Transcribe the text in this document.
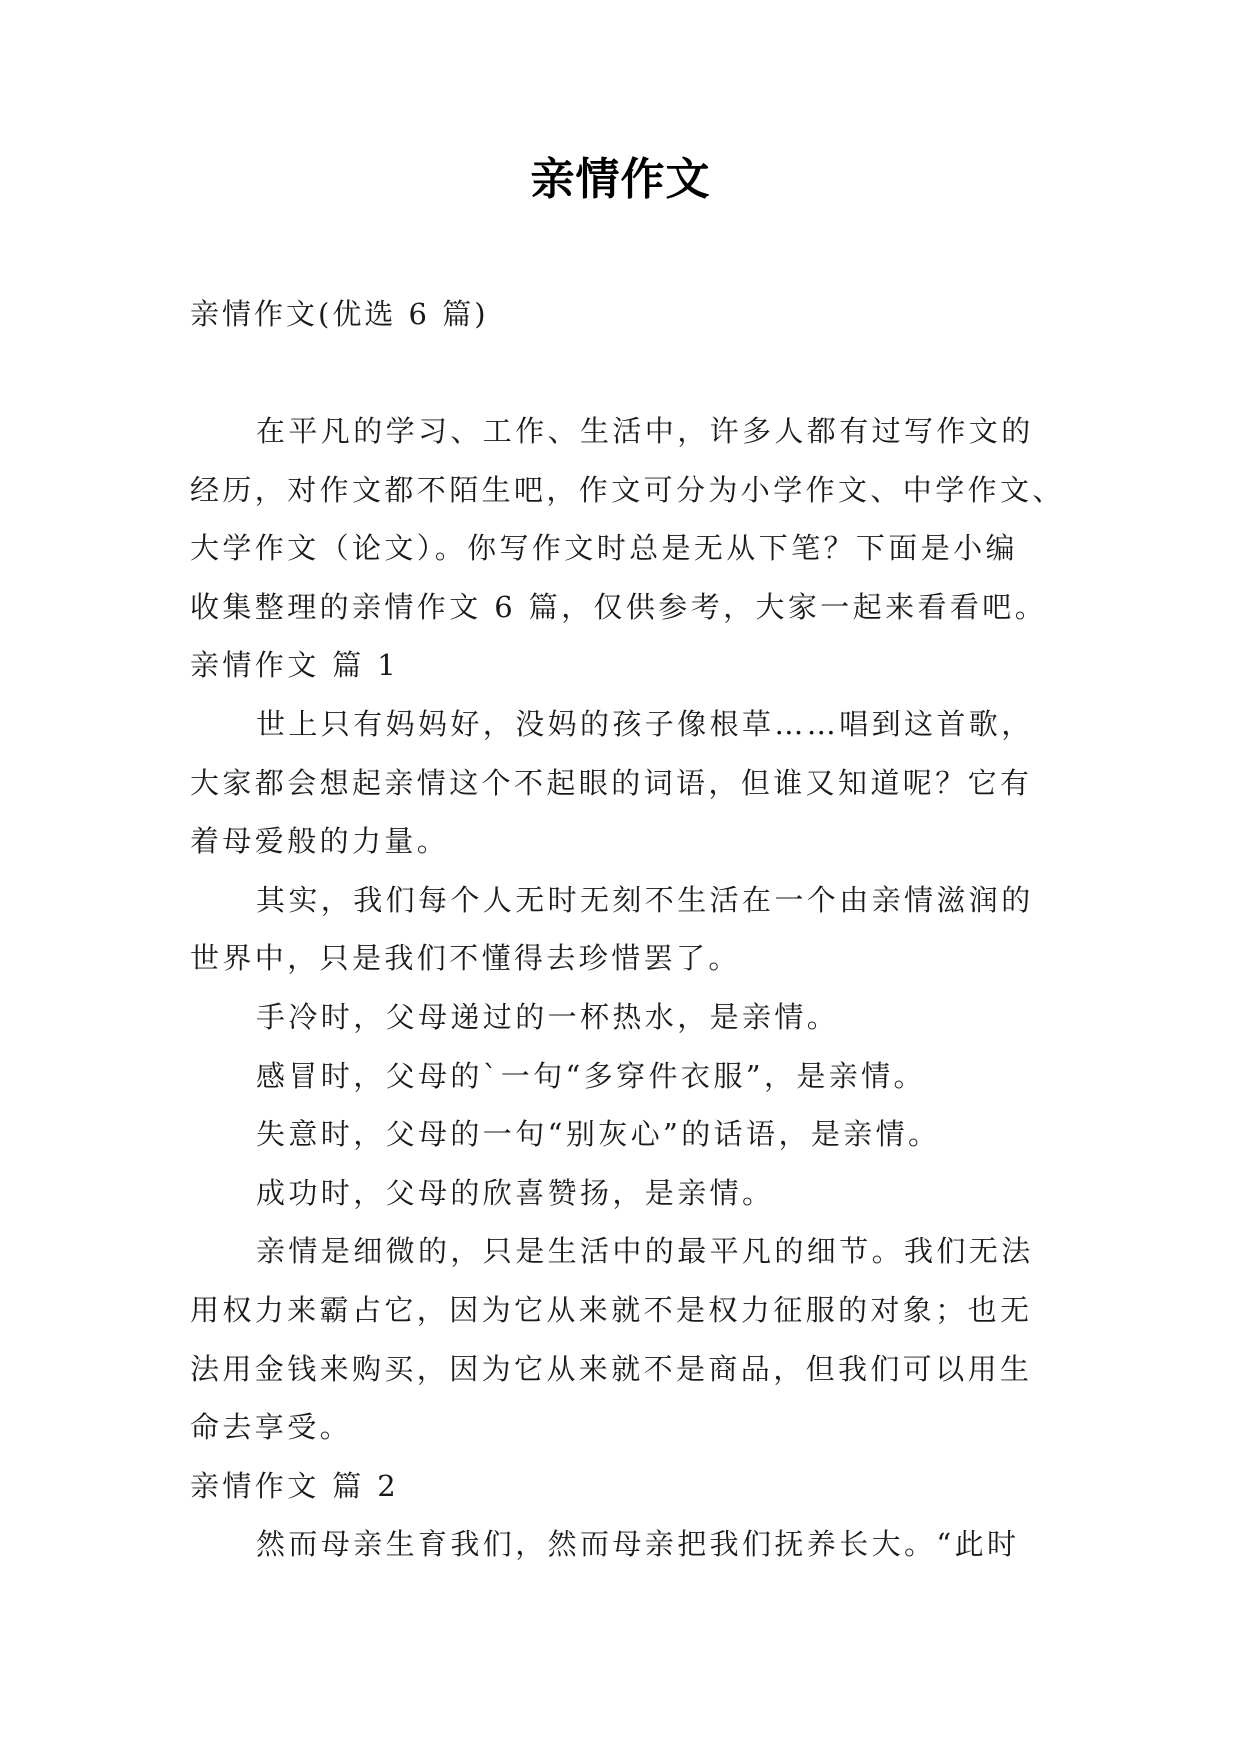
亲情作文
亲情作文(优选 6 篇)
在平凡的学习、工作、生活中，许多人都有过写作文的
经历，对作文都不陌生吧，作文可分为小学作文、中学作文、
大学作文（论文）。你写作文时总是无从下笔？下面是小编
收集整理的亲情作文 6 篇，仅供参考，大家一起来看看吧。
亲情作文 篇 1
世上只有妈妈好，没妈的孩子像根草……唱到这首歌，
大家都会想起亲情这个不起眼的词语，但谁又知道呢？它有
着母爱般的力量。
其实，我们每个人无时无刻不生活在一个由亲情滋润的
世界中，只是我们不懂得去珍惜罢了。
手冷时，父母递过的一杯热水，是亲情。
感冒时，父母的`一句“多穿件衣服”，是亲情。
失意时，父母的一句“别灰心”的话语，是亲情。
成功时，父母的欣喜赞扬，是亲情。
亲情是细微的，只是生活中的最平凡的细节。我们无法
用权力来霸占它，因为它从来就不是权力征服的对象；也无
法用金钱来购买，因为它从来就不是商品，但我们可以用生
命去享受。
亲情作文 篇 2
然而母亲生育我们，然而母亲把我们抚养长大。“此时
